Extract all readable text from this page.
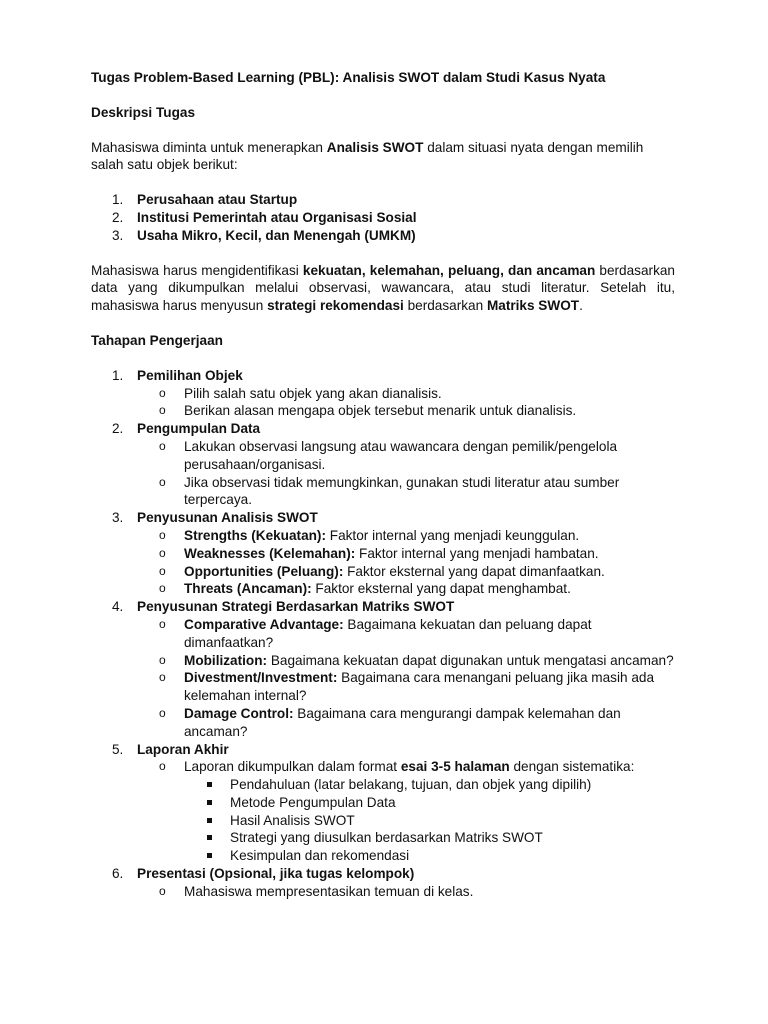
Tugas Problem-Based Learning (PBL): Analisis SWOT dalam Studi Kasus Nyata

Deskripsi Tugas

Mahasiswa diminta untuk menerapkan Analisis SWOT dalam situasi nyata dengan memilih salah satu objek berikut:

1. Perusahaan atau Startup
2. Institusi Pemerintah atau Organisasi Sosial
3. Usaha Mikro, Kecil, dan Menengah (UMKM)

Mahasiswa harus mengidentifikasi kekuatan, kelemahan, peluang, dan ancaman berdasarkan data yang dikumpulkan melalui observasi, wawancara, atau studi literatur. Setelah itu, mahasiswa harus menyusun strategi rekomendasi berdasarkan Matriks SWOT.

Tahapan Pengerjaan

1. Pemilihan Objek
o Pilih salah satu objek yang akan dianalisis.
o Berikan alasan mengapa objek tersebut menarik untuk dianalisis.
2. Pengumpulan Data
o Lakukan observasi langsung atau wawancara dengan pemilik/pengelola perusahaan/organisasi.
o Jika observasi tidak memungkinkan, gunakan studi literatur atau sumber terpercaya.
3. Penyusunan Analisis SWOT
o Strengths (Kekuatan): Faktor internal yang menjadi keunggulan.
o Weaknesses (Kelemahan): Faktor internal yang menjadi hambatan.
o Opportunities (Peluang): Faktor eksternal yang dapat dimanfaatkan.
o Threats (Ancaman): Faktor eksternal yang dapat menghambat.
4. Penyusunan Strategi Berdasarkan Matriks SWOT
o Comparative Advantage: Bagaimana kekuatan dan peluang dapat dimanfaatkan?
o Mobilization: Bagaimana kekuatan dapat digunakan untuk mengatasi ancaman?
o Divestment/Investment: Bagaimana cara menangani peluang jika masih ada kelemahan internal?
o Damage Control: Bagaimana cara mengurangi dampak kelemahan dan ancaman?
5. Laporan Akhir
o Laporan dikumpulkan dalam format esai 3-5 halaman dengan sistematika:
Pendahuluan (latar belakang, tujuan, dan objek yang dipilih)
Metode Pengumpulan Data
Hasil Analisis SWOT
Strategi yang diusulkan berdasarkan Matriks SWOT
Kesimpulan dan rekomendasi
6. Presentasi (Opsional, jika tugas kelompok)
o Mahasiswa mempresentasikan temuan di kelas.
